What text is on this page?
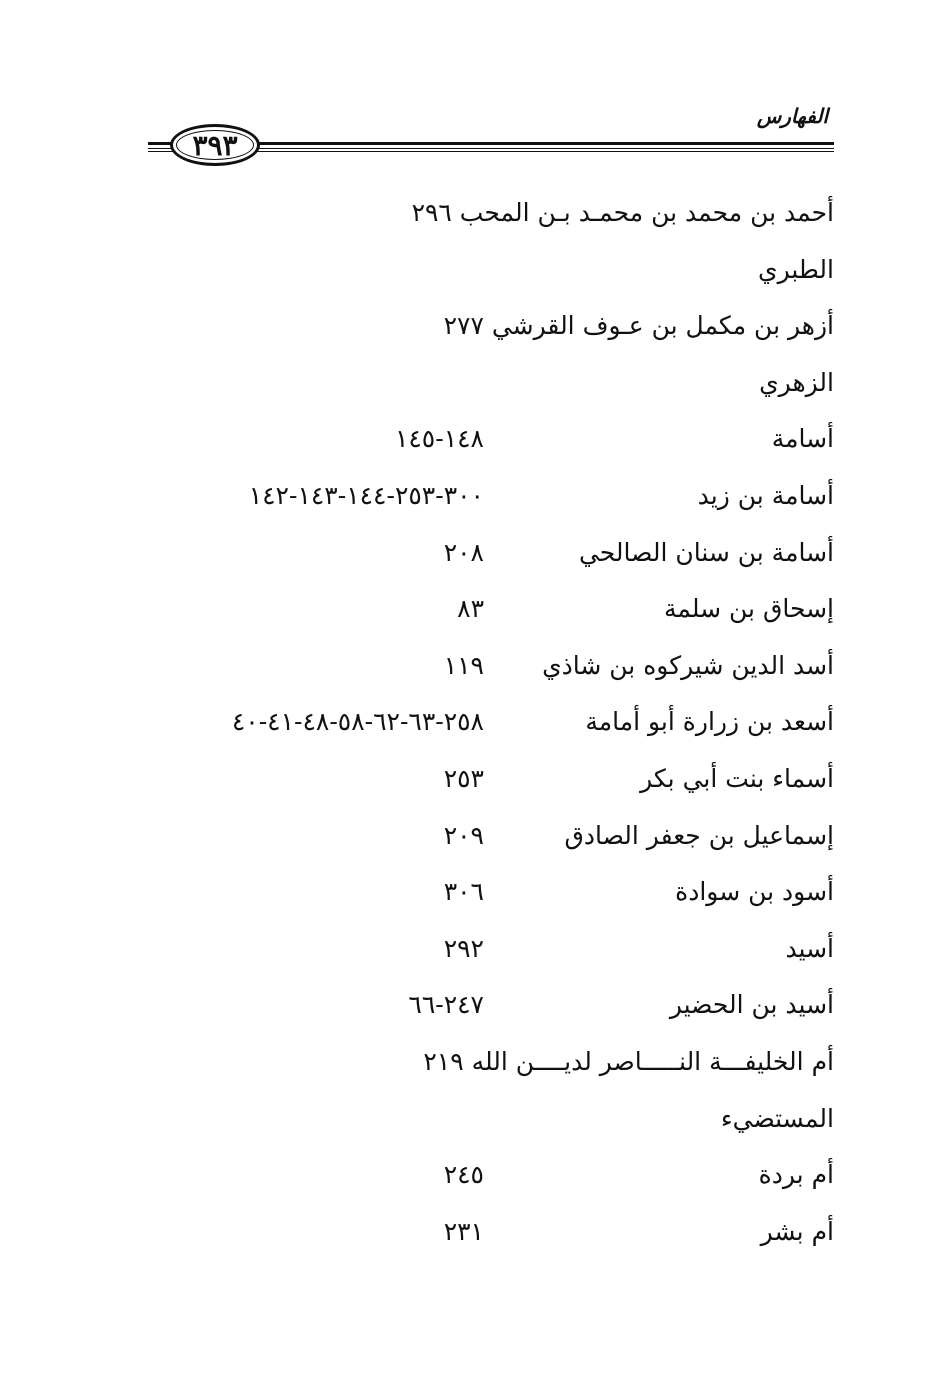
الفهارس
٣٩٣
أحمد بن محمد بن محمـد بـن المحب ٢٩٦
الطبري
أزهر بن مكمل بن عـوف القرشي ٢٧٧
الزهري
أسامة
١٤٨-١٤٥
أسامة بن زيد
٣٠٠-٢٥٣-١٤٤-١٤٣-١٤٢
أسامة بن سنان الصالحي
٢٠٨
إسحاق بن سلمة
٨٣
أسد الدين شيركوه بن شاذي
١١٩
أسعد بن زرارة أبو أمامة
٢٥٨-٦٣-٦٢-٥٨-٤٨-٤١-٤٠
أسماء بنت أبي بكر
٢٥٣
إسماعيل بن جعفر الصادق
٢٠٩
أسود بن سوادة
٣٠٦
أسيد
٢٩٢
أسيد بن الحضير
٢٤٧-٦٦
أم الخليفـــة النـــــاصر لديــــن الله ٢١٩
المستضيء
أم بردة
٢٤٥
أم بشر
٢٣١
